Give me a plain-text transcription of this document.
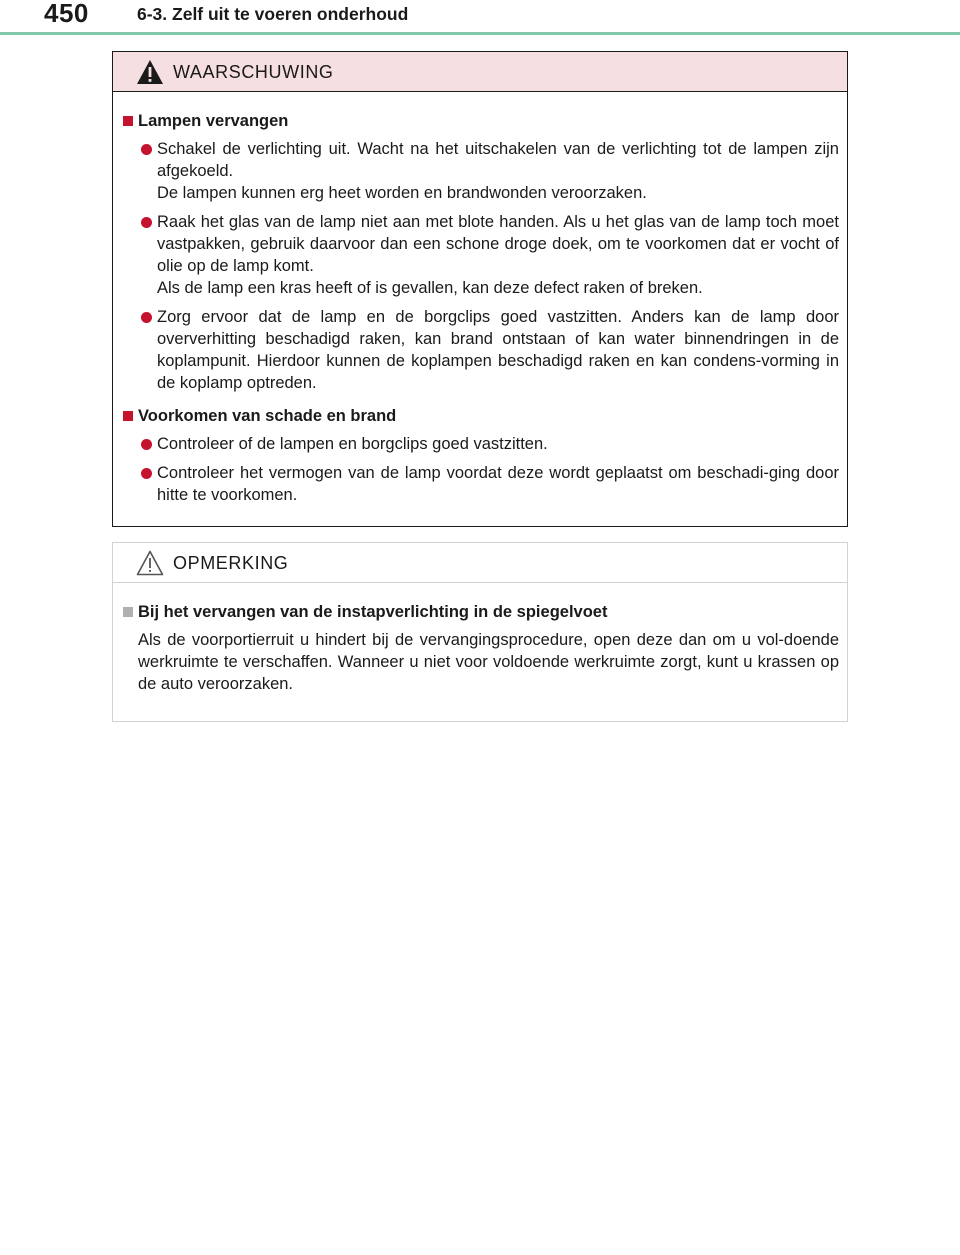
450	6-3. Zelf uit te voeren onderhoud
WAARSCHUWING
Lampen vervangen
Schakel de verlichting uit. Wacht na het uitschakelen van de verlichting tot de lampen zijn afgekoeld.
De lampen kunnen erg heet worden en brandwonden veroorzaken.
Raak het glas van de lamp niet aan met blote handen. Als u het glas van de lamp toch moet vastpakken, gebruik daarvoor dan een schone droge doek, om te voorkomen dat er vocht of olie op de lamp komt.
Als de lamp een kras heeft of is gevallen, kan deze defect raken of breken.
Zorg ervoor dat de lamp en de borgclips goed vastzitten. Anders kan de lamp door oververhitting beschadigd raken, kan brand ontstaan of kan water binnendringen in de koplampunit. Hierdoor kunnen de koplampen beschadigd raken en kan condens-vorming in de koplamp optreden.
Voorkomen van schade en brand
Controleer of de lampen en borgclips goed vastzitten.
Controleer het vermogen van de lamp voordat deze wordt geplaatst om beschadi-ging door hitte te voorkomen.
OPMERKING
Bij het vervangen van de instapverlichting in de spiegelvoet
Als de voorportierruit u hindert bij de vervangingsprocedure, open deze dan om u vol-doende werkruimte te verschaffen. Wanneer u niet voor voldoende werkruimte zorgt, kunt u krassen op de auto veroorzaken.
